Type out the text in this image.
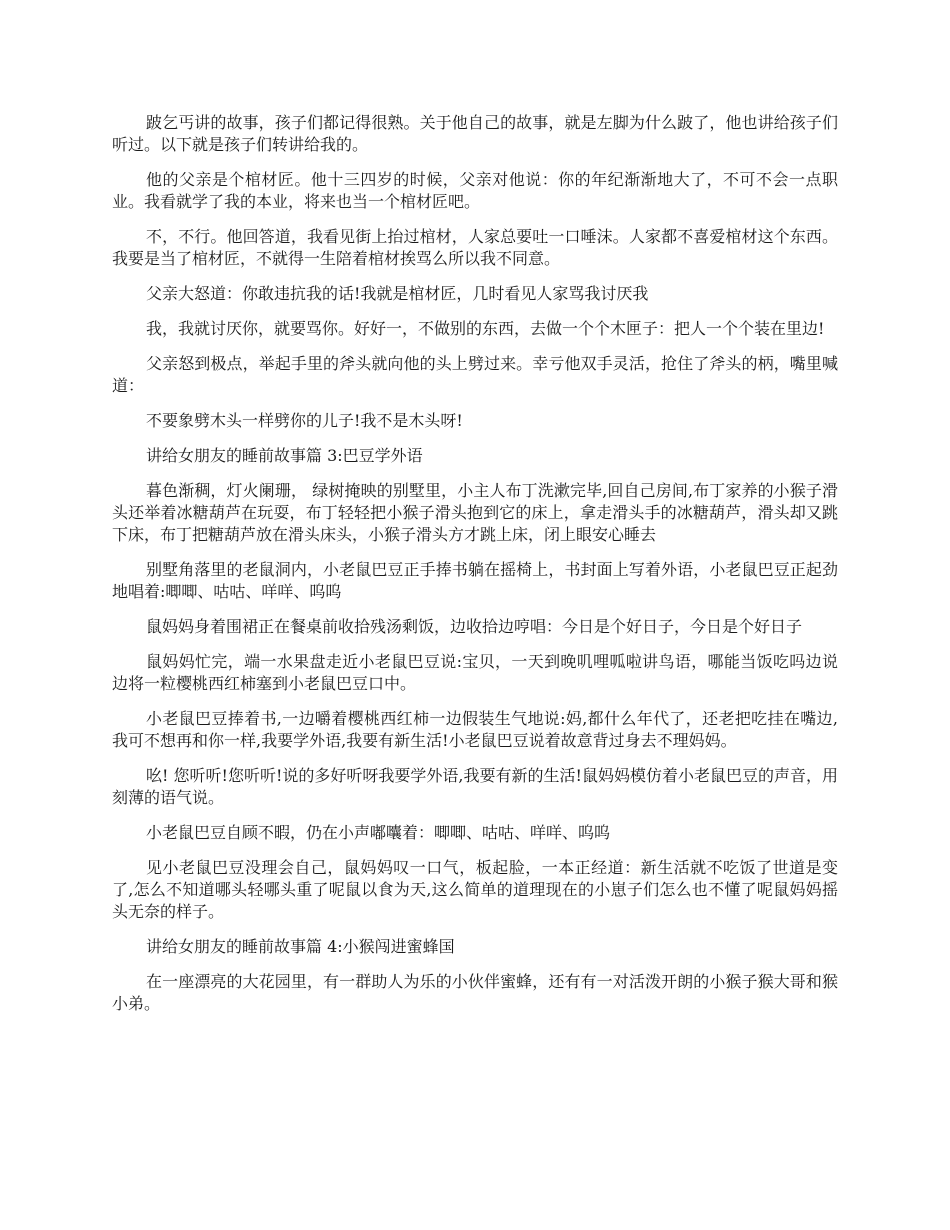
跛乞丐讲的故事，孩子们都记得很熟。关于他自己的故事，就是左脚为什么跛了，他也讲给孩子们听过。以下就是孩子们转讲给我的。

他的父亲是个棺材匠。他十三四岁的时候，父亲对他说：你的年纪渐渐地大了，不可不会一点职业。我看就学了我的本业，将来也当一个棺材匠吧。

不，不行。他回答道，我看见街上抬过棺材，人家总要吐一口唾沫。人家都不喜爱棺材这个东西。我要是当了棺材匠，不就得一生陪着棺材挨骂么所以我不同意。

父亲大怒道：你敢违抗我的话!我就是棺材匠，几时看见人家骂我讨厌我

我，我就讨厌你，就要骂你。好好一，不做别的东西，去做一个个木匣子：把人一个个装在里边!

父亲怒到极点，举起手里的斧头就向他的头上劈过来。幸亏他双手灵活，抢住了斧头的柄，嘴里喊道：

不要象劈木头一样劈你的儿子!我不是木头呀!

讲给女朋友的睡前故事篇 3:巴豆学外语

暮色渐稠，灯火阑珊， 绿树掩映的别墅里，小主人布丁洗漱完毕,回自己房间,布丁家养的小猴子滑头还举着冰糖葫芦在玩耍，布丁轻轻把小猴子滑头抱到它的床上，拿走滑头手的冰糖葫芦，滑头却又跳下床，布丁把糖葫芦放在滑头床头，小猴子滑头方才跳上床，闭上眼安心睡去

别墅角落里的老鼠洞内，小老鼠巴豆正手捧书躺在摇椅上，书封面上写着外语，小老鼠巴豆正起劲地唱着:唧唧、咕咕、咩咩、呜呜

鼠妈妈身着围裙正在餐桌前收拾残汤剩饭，边收拾边哼唱：今日是个好日子，今日是个好日子

鼠妈妈忙完，端一水果盘走近小老鼠巴豆说:宝贝，一天到晚叽哩呱啦讲鸟语，哪能当饭吃吗边说边将一粒樱桃西红柿塞到小老鼠巴豆口中。

小老鼠巴豆捧着书,一边嚼着樱桃西红柿一边假装生气地说:妈,都什么年代了，还老把吃挂在嘴边,我可不想再和你一样,我要学外语,我要有新生活!小老鼠巴豆说着故意背过身去不理妈妈。

吆! 您听听!您听听!说的多好听呀我要学外语,我要有新的生活!鼠妈妈模仿着小老鼠巴豆的声音，用刻薄的语气说。

小老鼠巴豆自顾不暇，仍在小声嘟囔着：唧唧、咕咕、咩咩、呜呜

见小老鼠巴豆没理会自己，鼠妈妈叹一口气，板起脸，一本正经道：新生活就不吃饭了世道是变了,怎么不知道哪头轻哪头重了呢鼠以食为天,这么简单的道理现在的小崽子们怎么也不懂了呢鼠妈妈摇头无奈的样子。

讲给女朋友的睡前故事篇 4:小猴闯进蜜蜂国

在一座漂亮的大花园里，有一群助人为乐的小伙伴蜜蜂，还有有一对活泼开朗的小猴子猴大哥和猴小弟。
